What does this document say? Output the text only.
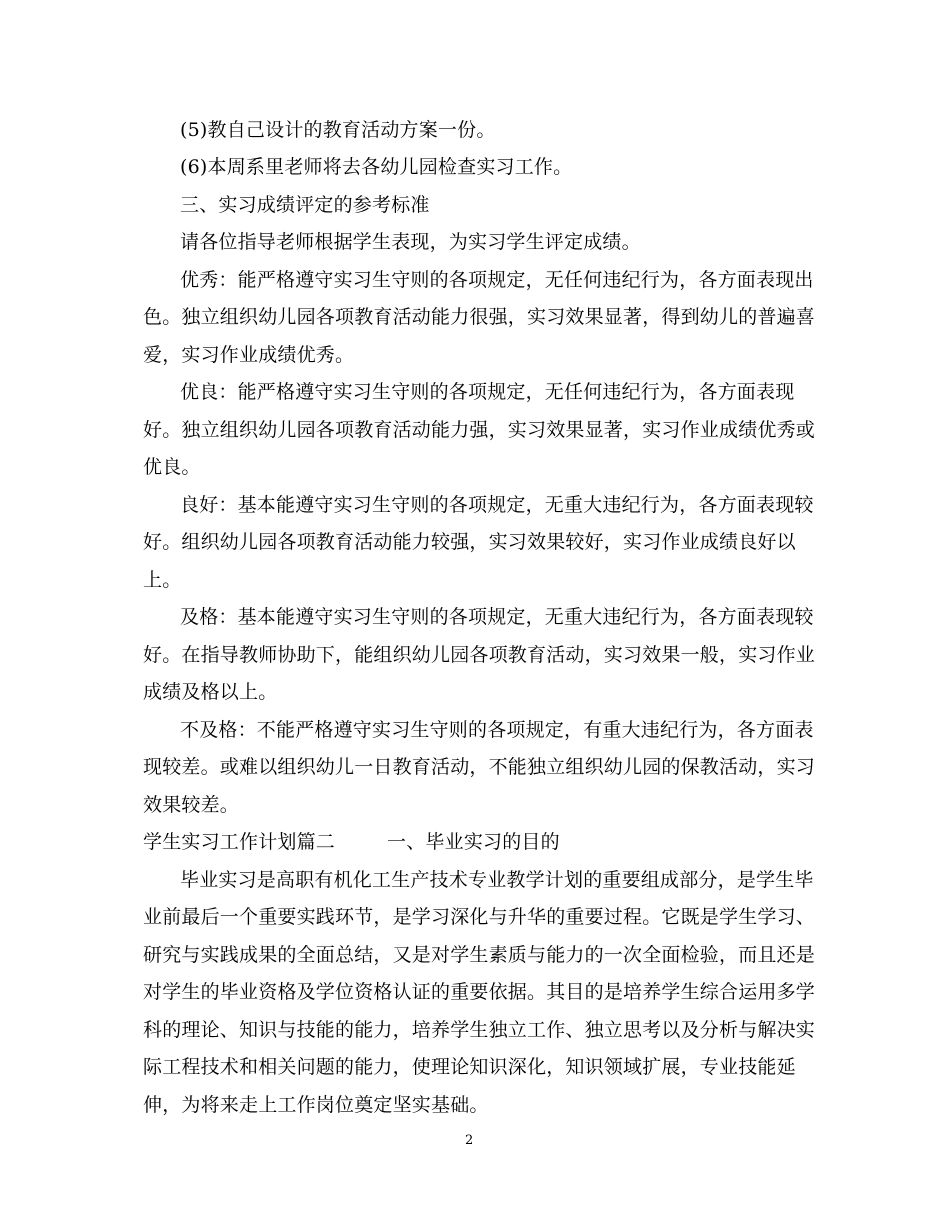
(5)教自己设计的教育活动方案一份。
(6)本周系里老师将去各幼儿园检查实习工作。
三、实习成绩评定的参考标准
请各位指导老师根据学生表现，为实习学生评定成绩。
优秀：能严格遵守实习生守则的各项规定，无任何违纪行为，各方面表现出
色。独立组织幼儿园各项教育活动能力很强，实习效果显著，得到幼儿的普遍喜
爱，实习作业成绩优秀。
优良：能严格遵守实习生守则的各项规定，无任何违纪行为，各方面表现
好。独立组织幼儿园各项教育活动能力强，实习效果显著，实习作业成绩优秀或
优良。
良好：基本能遵守实习生守则的各项规定，无重大违纪行为，各方面表现较
好。组织幼儿园各项教育活动能力较强，实习效果较好，实习作业成绩良好以
上。
及格：基本能遵守实习生守则的各项规定，无重大违纪行为，各方面表现较
好。在指导教师协助下，能组织幼儿园各项教育活动，实习效果一般，实习作业
成绩及格以上。
不及格：不能严格遵守实习生守则的各项规定，有重大违纪行为，各方面表
现较差。或难以组织幼儿一日教育活动，不能独立组织幼儿园的保教活动，实习
效果较差。
学生实习工作计划篇二	一、毕业实习的目的
毕业实习是高职有机化工生产技术专业教学计划的重要组成部分，是学生毕
业前最后一个重要实践环节，是学习深化与升华的重要过程。它既是学生学习、
研究与实践成果的全面总结，又是对学生素质与能力的一次全面检验，而且还是
对学生的毕业资格及学位资格认证的重要依据。其目的是培养学生综合运用多学
科的理论、知识与技能的能力，培养学生独立工作、独立思考以及分析与解决实
际工程技术和相关问题的能力，使理论知识深化，知识领域扩展，专业技能延
伸，为将来走上工作岗位奠定坚实基础。
2
